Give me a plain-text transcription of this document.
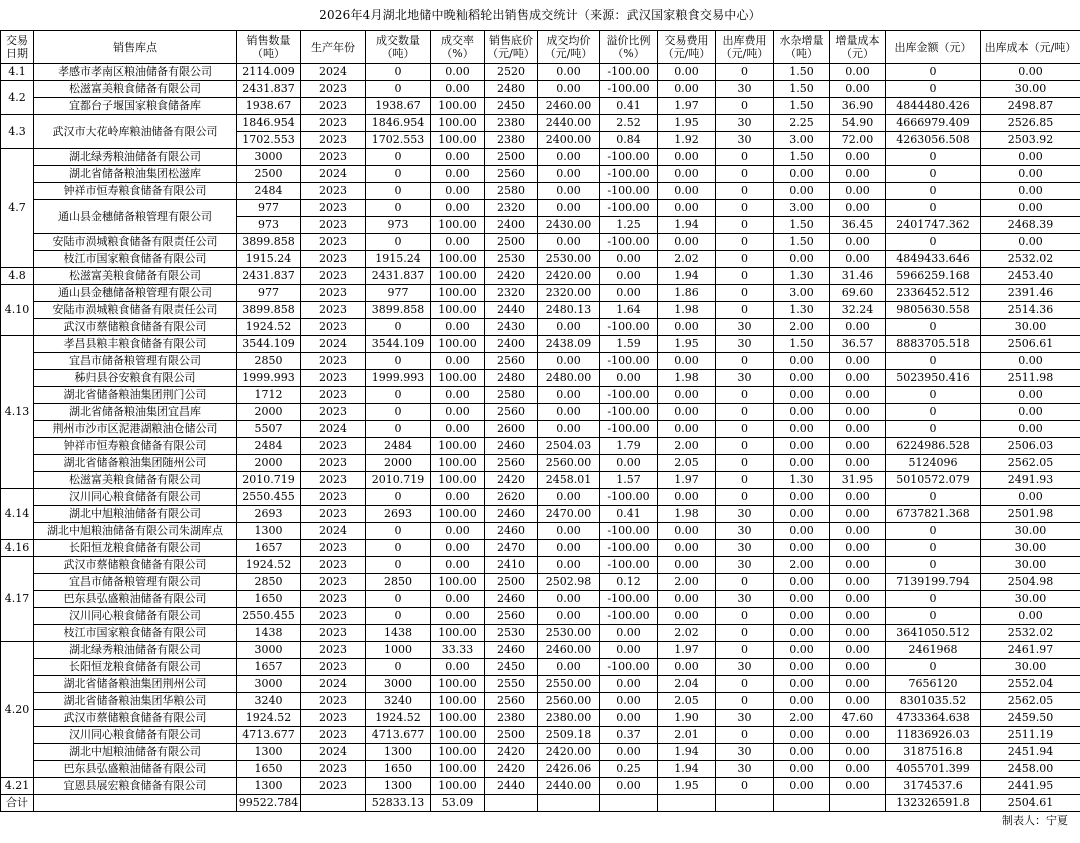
2026年4月湖北地储中晚籼稻轮出销售成交统计（来源：武汉国家粮食交易中心）
交易日期	销售库点	销售数量（吨）	生产年份	成交数量（吨）	成交率（%）	销售底价（元/吨）	成交均价（元/吨）	溢价比例（%）	交易费用（元/吨）	出库费用（元/吨）	水杂增量（吨）	增量成本（元）	出库金额（元）	出库成本（元/吨）
4.1	孝感市孝南区粮油储备有限公司	2114.009	2024	0	0.00	2520	0.00	-100.00	0.00	0	1.50	0.00	0	0.00
4.2	松滋富美粮食储备有限公司	2431.837	2023	0	0.00	2480	0.00	-100.00	0.00	30	1.50	0.00	0	30.00
	宜都台子堰国家粮食储备库	1938.67	2023	1938.67	100.00	2450	2460.00	0.41	1.97	0	1.50	36.90	4844480.426	2498.87
4.3	武汉市大花岭库粮油储备有限公司	1846.954	2023	1846.954	100.00	2380	2440.00	2.52	1.95	30	2.25	54.90	4666979.409	2526.85
		1702.553	2023	1702.553	100.00	2380	2400.00	0.84	1.92	30	3.00	72.00	4263056.508	2503.92
4.7	湖北绿秀粮油储备有限公司	3000	2023	0	0.00	2500	0.00	-100.00	0.00	0	1.50	0.00	0	0.00
	湖北省储备粮油集团松滋库	2500	2024	0	0.00	2560	0.00	-100.00	0.00	0	0.00	0.00	0	0.00
	钟祥市恒寿粮食储备有限公司	2484	2023	0	0.00	2580	0.00	-100.00	0.00	0	0.00	0.00	0	0.00
	通山县金穗储备粮管理有限公司	977	2023	0	0.00	2320	0.00	-100.00	0.00	0	3.00	0.00	0	0.00
		973	2023	973	100.00	2400	2430.00	1.25	1.94	0	1.50	36.45	2401747.362	2468.39
	安陆市涢城粮食储备有限责任公司	3899.858	2023	0	0.00	2500	0.00	-100.00	0.00	0	1.50	0.00	0	0.00
	枝江市国家粮食储备有限公司	1915.24	2023	1915.24	100.00	2530	2530.00	0.00	2.02	0	0.00	0.00	4849433.646	2532.02
4.8	松滋富美粮食储备有限公司	2431.837	2023	2431.837	100.00	2420	2420.00	0.00	1.94	0	1.30	31.46	5966259.168	2453.40
4.10	通山县金穗储备粮管理有限公司	977	2023	977	100.00	2320	2320.00	0.00	1.86	0	3.00	69.60	2336452.512	2391.46
	安陆市涢城粮食储备有限责任公司	3899.858	2023	3899.858	100.00	2440	2480.13	1.64	1.98	0	1.30	32.24	9805630.558	2514.36
	武汉市蔡储粮食储备有限公司	1924.52	2023	0	0.00	2430	0.00	-100.00	0.00	30	2.00	0.00	0	30.00
4.13	孝昌县粮丰粮食储备有限公司	3544.109	2024	3544.109	100.00	2400	2438.09	1.59	1.95	30	1.50	36.57	8883705.518	2506.61
	宜昌市储备粮管理有限公司	2850	2023	0	0.00	2560	0.00	-100.00	0.00	0	0.00	0.00	0	0.00
	秭归县谷安粮食有限公司	1999.993	2023	1999.993	100.00	2480	2480.00	0.00	1.98	30	0.00	0.00	5023950.416	2511.98
	湖北省储备粮油集团荆门公司	1712	2023	0	0.00	2580	0.00	-100.00	0.00	0	0.00	0.00	0	0.00
	湖北省储备粮油集团宜昌库	2000	2023	0	0.00	2560	0.00	-100.00	0.00	0	0.00	0.00	0	0.00
	荆州市沙市区泥港湖粮油仓储公司	5507	2024	0	0.00	2600	0.00	-100.00	0.00	0	0.00	0.00	0	0.00
	钟祥市恒寿粮食储备有限公司	2484	2023	2484	100.00	2460	2504.03	1.79	2.00	0	0.00	0.00	6224986.528	2506.03
	湖北省储备粮油集团随州公司	2000	2023	2000	100.00	2560	2560.00	0.00	2.05	0	0.00	0.00	5124096	2562.05
	松滋富美粮食储备有限公司	2010.719	2023	2010.719	100.00	2420	2458.01	1.57	1.97	0	1.30	31.95	5010572.079	2491.93
4.14	汉川同心粮食储备有限公司	2550.455	2023	0	0.00	2620	0.00	-100.00	0.00	0	0.00	0.00	0	0.00
	湖北中旭粮油储备有限公司	2693	2023	2693	100.00	2460	2470.00	0.41	1.98	30	0.00	0.00	6737821.368	2501.98
	湖北中旭粮油储备有限公司朱湖库点	1300	2024	0	0.00	2460	0.00	-100.00	0.00	30	0.00	0.00	0	30.00
4.16	长阳恒龙粮食储备有限公司	1657	2023	0	0.00	2470	0.00	-100.00	0.00	30	0.00	0.00	0	30.00
4.17	武汉市蔡储粮食储备有限公司	1924.52	2023	0	0.00	2410	0.00	-100.00	0.00	30	2.00	0.00	0	30.00
	宜昌市储备粮管理有限公司	2850	2023	2850	100.00	2500	2502.98	0.12	2.00	0	0.00	0.00	7139199.794	2504.98
	巴东县弘盛粮油储备有限公司	1650	2023	0	0.00	2460	0.00	-100.00	0.00	30	0.00	0.00	0	30.00
	汉川同心粮食储备有限公司	2550.455	2023	0	0.00	2560	0.00	-100.00	0.00	0	0.00	0.00	0	0.00
	枝江市国家粮食储备有限公司	1438	2023	1438	100.00	2530	2530.00	0.00	2.02	0	0.00	0.00	3641050.512	2532.02
4.20	湖北绿秀粮油储备有限公司	3000	2023	1000	33.33	2460	2460.00	0.00	1.97	0	0.00	0.00	2461968	2461.97
	长阳恒龙粮食储备有限公司	1657	2023	0	0.00	2450	0.00	-100.00	0.00	30	0.00	0.00	0	30.00
	湖北省储备粮油集团荆州公司	3000	2024	3000	100.00	2550	2550.00	0.00	2.04	0	0.00	0.00	7656120	2552.04
	湖北省储备粮油集团华粮公司	3240	2023	3240	100.00	2560	2560.00	0.00	2.05	0	0.00	0.00	8301035.52	2562.05
	武汉市蔡储粮食储备有限公司	1924.52	2023	1924.52	100.00	2380	2380.00	0.00	1.90	30	2.00	47.60	4733364.638	2459.50
	汉川同心粮食储备有限公司	4713.677	2023	4713.677	100.00	2500	2509.18	0.37	2.01	0	0.00	0.00	11836926.03	2511.19
	湖北中旭粮油储备有限公司	1300	2024	1300	100.00	2420	2420.00	0.00	1.94	30	0.00	0.00	3187516.8	2451.94
	巴东县弘盛粮油储备有限公司	1650	2023	1650	100.00	2420	2426.06	0.25	1.94	30	0.00	0.00	4055701.399	2458.00
4.21	宜恩县展宏粮食储备有限公司	1300	2023	1300	100.00	2440	2440.00	0.00	1.95	0	0.00	0.00	3174537.6	2441.95
合计		99522.784		52833.13	53.09								132326591.8	2504.61
制表人：宁夏
